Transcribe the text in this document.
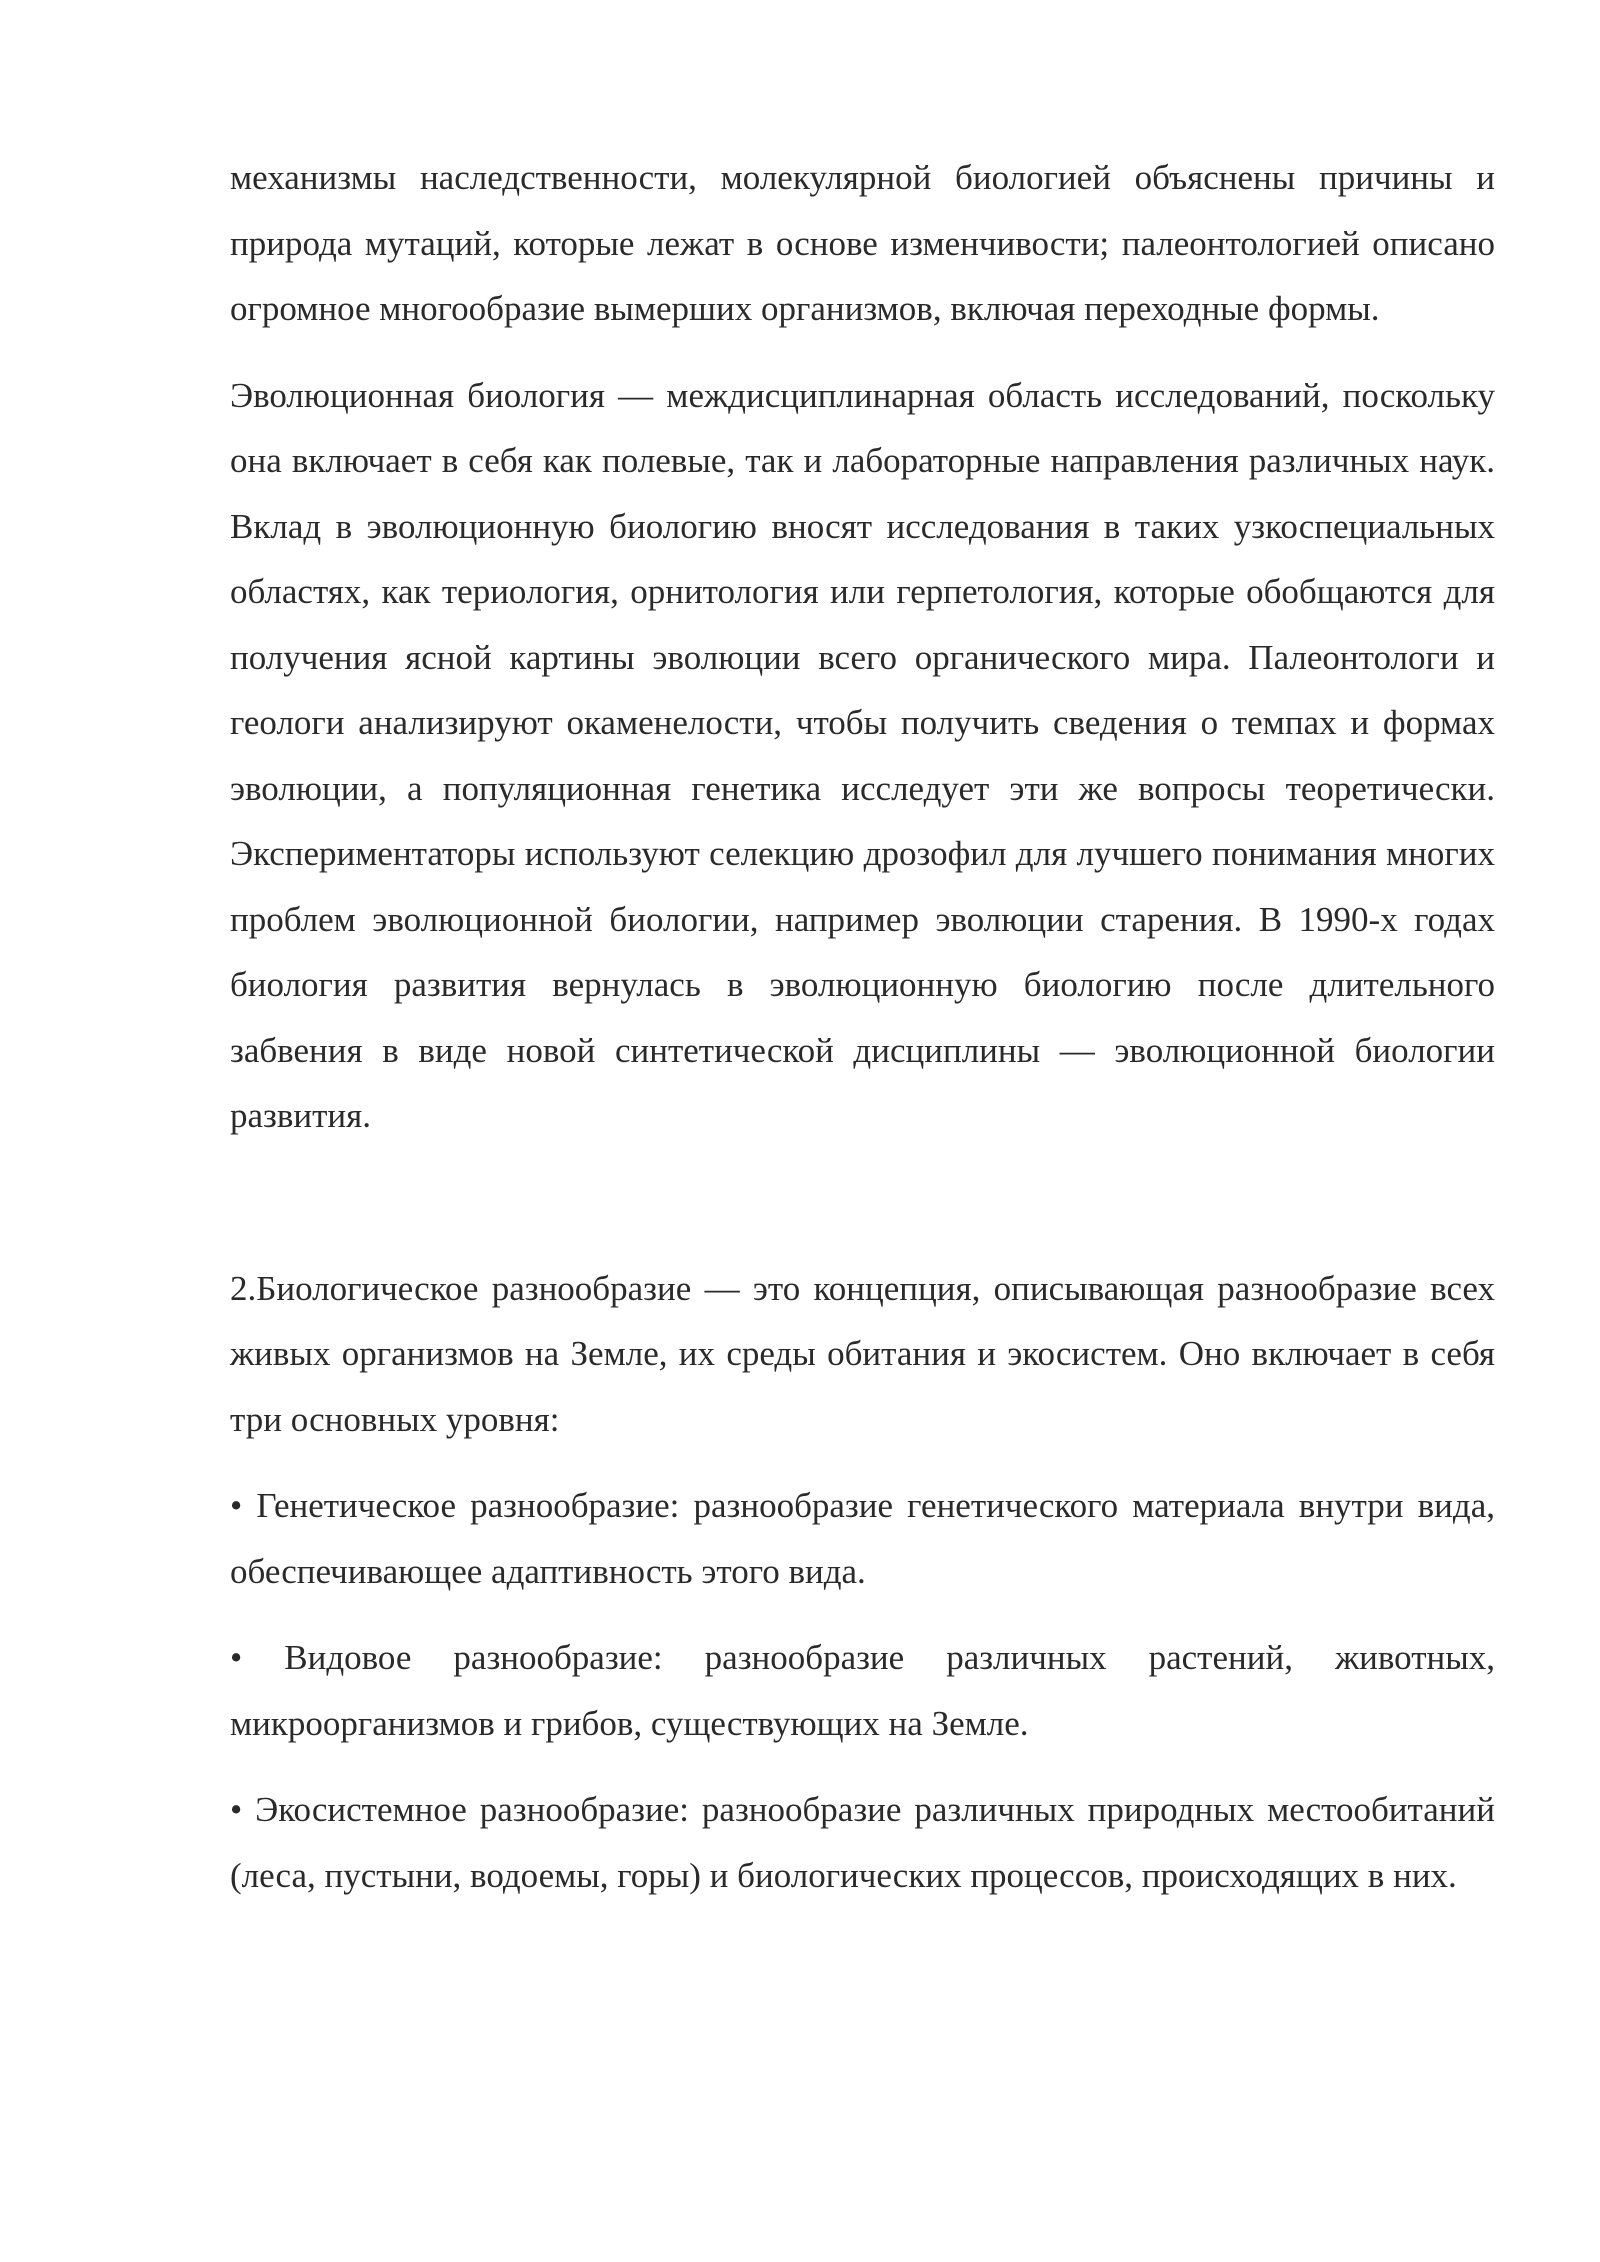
механизмы наследственности, молекулярной биологией объяснены причины и природа мутаций, которые лежат в основе изменчивости; палеонтологией описано огромное многообразие вымерших организмов, включая переходные формы.

Эволюционная биология — междисциплинарная область исследований, поскольку она включает в себя как полевые, так и лабораторные направления различных наук. Вклад в эволюционную биологию вносят исследования в таких узкоспециальных областях, как териология, орнитология или герпетология, которые обобщаются для получения ясной картины эволюции всего органического мира. Палеонтологи и геологи анализируют окаменелости, чтобы получить сведения о темпах и формах эволюции, а популяционная генетика исследует эти же вопросы теоретически. Экспериментаторы используют селекцию дрозофил для лучшего понимания многих проблем эволюционной биологии, например эволюции старения. В 1990-х годах биология развития вернулась в эволюционную биологию после длительного забвения в виде новой синтетической дисциплины — эволюционной биологии развития.

2.Биологическое разнообразие — это концепция, описывающая разнообразие всех живых организмов на Земле, их среды обитания и экосистем. Оно включает в себя три основных уровня:

• Генетическое разнообразие: разнообразие генетического материала внутри вида, обеспечивающее адаптивность этого вида.

• Видовое разнообразие: разнообразие различных растений, животных, микроорганизмов и грибов, существующих на Земле.

• Экосистемное разнообразие: разнообразие различных природных местообитаний (леса, пустыни, водоемы, горы) и биологических процессов, происходящих в них.
